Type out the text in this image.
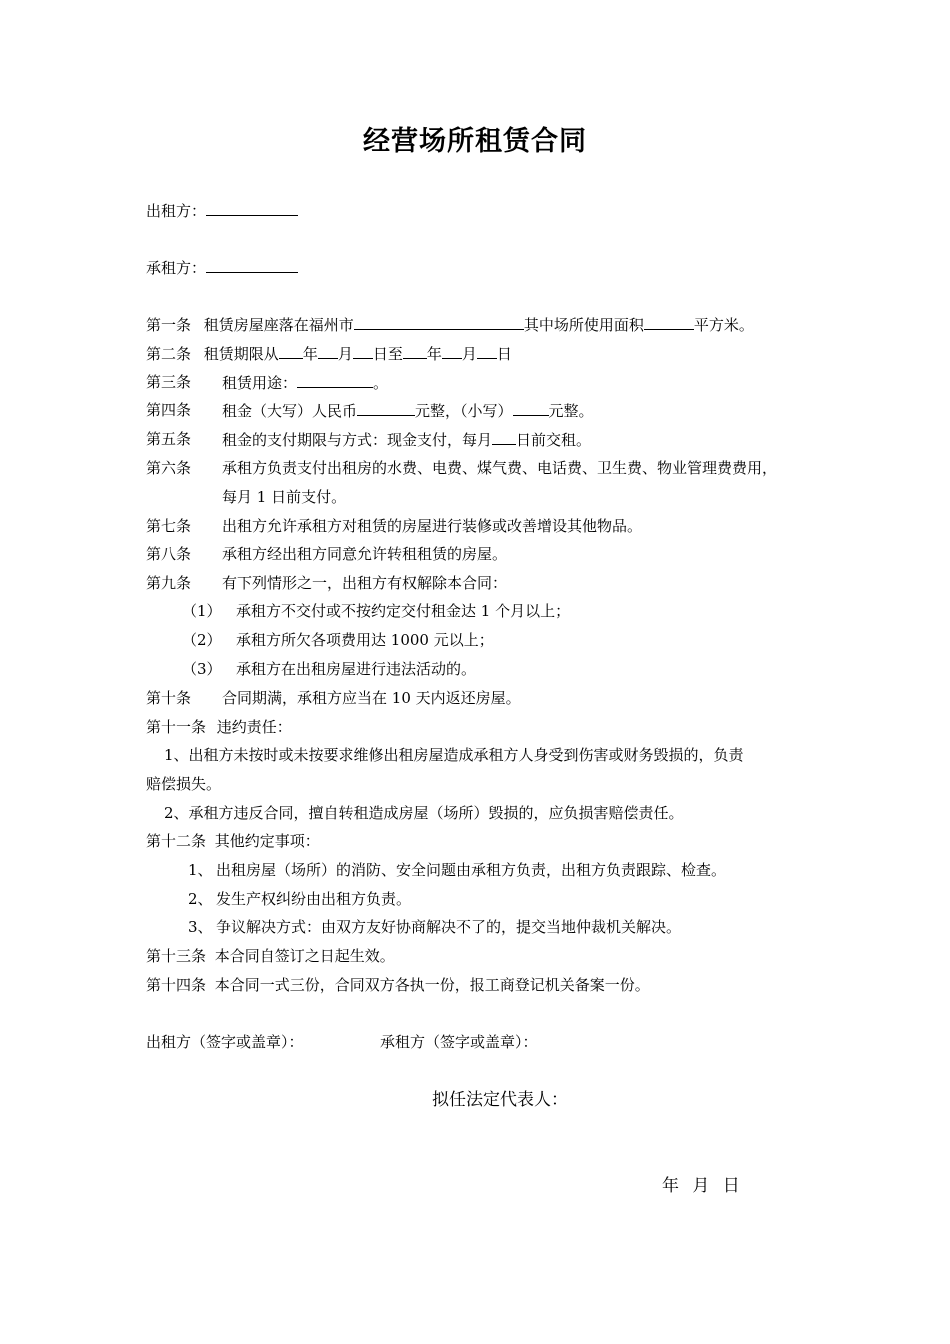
经营场所租赁合同
出租方：
承租方：
第一条 租赁房屋座落在福州市	其中场所使用面积	平方米。
第二条 租赁期限从 年 月 日至 年 月 日
第三条 租赁用途：	。
第四条 租金（大写）人民币	元整，（小写） 元整。
第五条 租金的支付期限与方式：现金支付，每月 日前交租。
第六条 承租方负责支付出租房的水费、电费、煤气费、电话费、卫生费、物业管理费费用，
每月 1 日前支付。
第七条 出租方允许承租方对租赁的房屋进行装修或改善增设其他物品。
第八条 承租方经出租方同意允许转租租赁的房屋。
第九条 有下列情形之一，出租方有权解除本合同：
（1） 承租方不交付或不按约定交付租金达 1 个月以上；
（2） 承租方所欠各项费用达 1000 元以上；
（3） 承租方在出租房屋进行违法活动的。
第十条 合同期满，承租方应当在 10 天内返还房屋。
第十一条 违约责任：
1、出租方未按时或未按要求维修出租房屋造成承租方人身受到伤害或财务毁损的，负责
赔偿损失。
2、承租方违反合同，擅自转租造成房屋（场所）毁损的，应负损害赔偿责任。
第十二条 其他约定事项：
1、 出租房屋（场所）的消防、安全问题由承租方负责，出租方负责跟踪、检查。
2、 发生产权纠纷由出租方负责。
3、 争议解决方式：由双方友好协商解决不了的，提交当地仲裁机关解决。
第十三条 本合同自签订之日起生效。
第十四条 本合同一式三份，合同双方各执一份，报工商登记机关备案一份。
出租方（签字或盖章）：	承租方（签字或盖章）：
拟任法定代表人：
年 月 日
